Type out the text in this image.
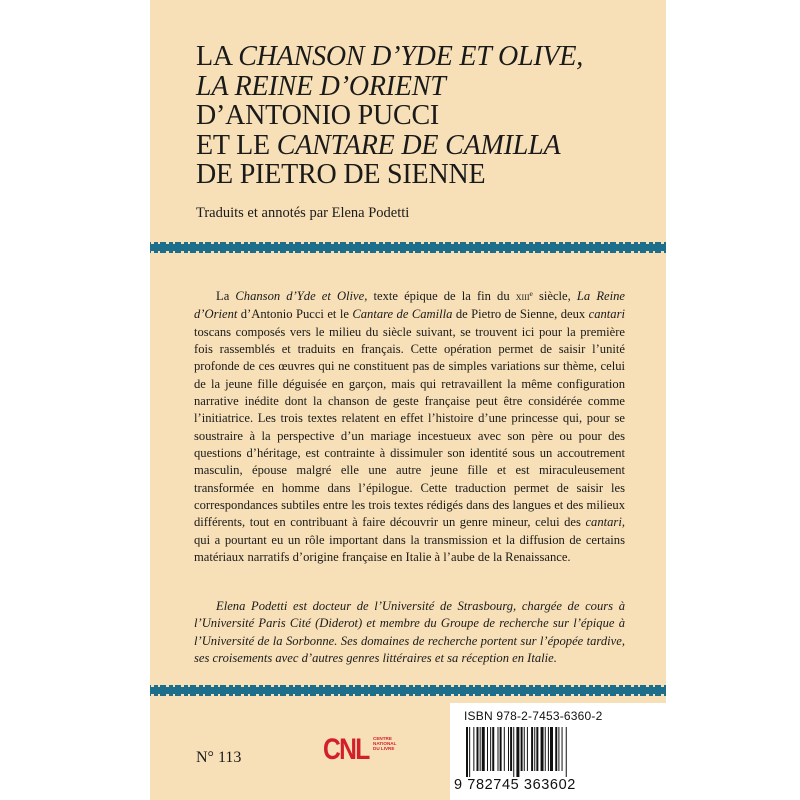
LA CHANSON D’YDE ET OLIVE,
LA REINE D’ORIENT
D’ANTONIO PUCCI
ET LE CANTARE DE CAMILLA
DE PIETRO DE SIENNE
Traduits et annotés par Elena Podetti

La Chanson d’Yde et Olive, texte épique de la fin du xiii$^e$ siècle, La Reine d’Orient d’Antonio Pucci et le Cantare de Camilla de Pietro de Sienne, deux cantari toscans composés vers le milieu du siècle suivant, se trouvent ici pour la première fois rassemblés et traduits en français. Cette opération permet de saisir l’unité profonde de ces œuvres qui ne constituent pas de simples variations sur thème, celui de la jeune fille déguisée en garçon, mais qui retravaillent la même configuration narrative inédite dont la chanson de geste française peut être considérée comme l’initiatrice. Les trois textes relatent en effet l’histoire d’une princesse qui, pour se soustraire à la perspective d’un mariage incestueux avec son père ou pour des questions d’héritage, est contrainte à dissimuler son identité sous un accoutrement masculin, épouse malgré elle une autre jeune fille et est miraculeusement transformée en homme dans l’épilogue. Cette traduction permet de saisir les correspondances subtiles entre les trois textes rédigés dans des langues et des milieux différents, tout en contribuant à faire découvrir un genre mineur, celui des cantari, qui a pourtant eu un rôle important dans la transmission et la diffusion de certains matériaux narratifs d’origine française en Italie à l’aube de la Renaissance.

Elena Podetti est docteur de l’Université de Strasbourg, chargée de cours à l’Université Paris Cité (Diderot) et membre du Groupe de recherche sur l’épique à l’Université de la Sorbonne. Ses domaines de recherche portent sur l’épopée tardive, ses croisements avec d’autres genres littéraires et sa réception en Italie.

N° 113	CNL CENTRE
NATIONAL
DU LIVRE
ISBN 978-2-7453-6360-2
9 782745 363602
